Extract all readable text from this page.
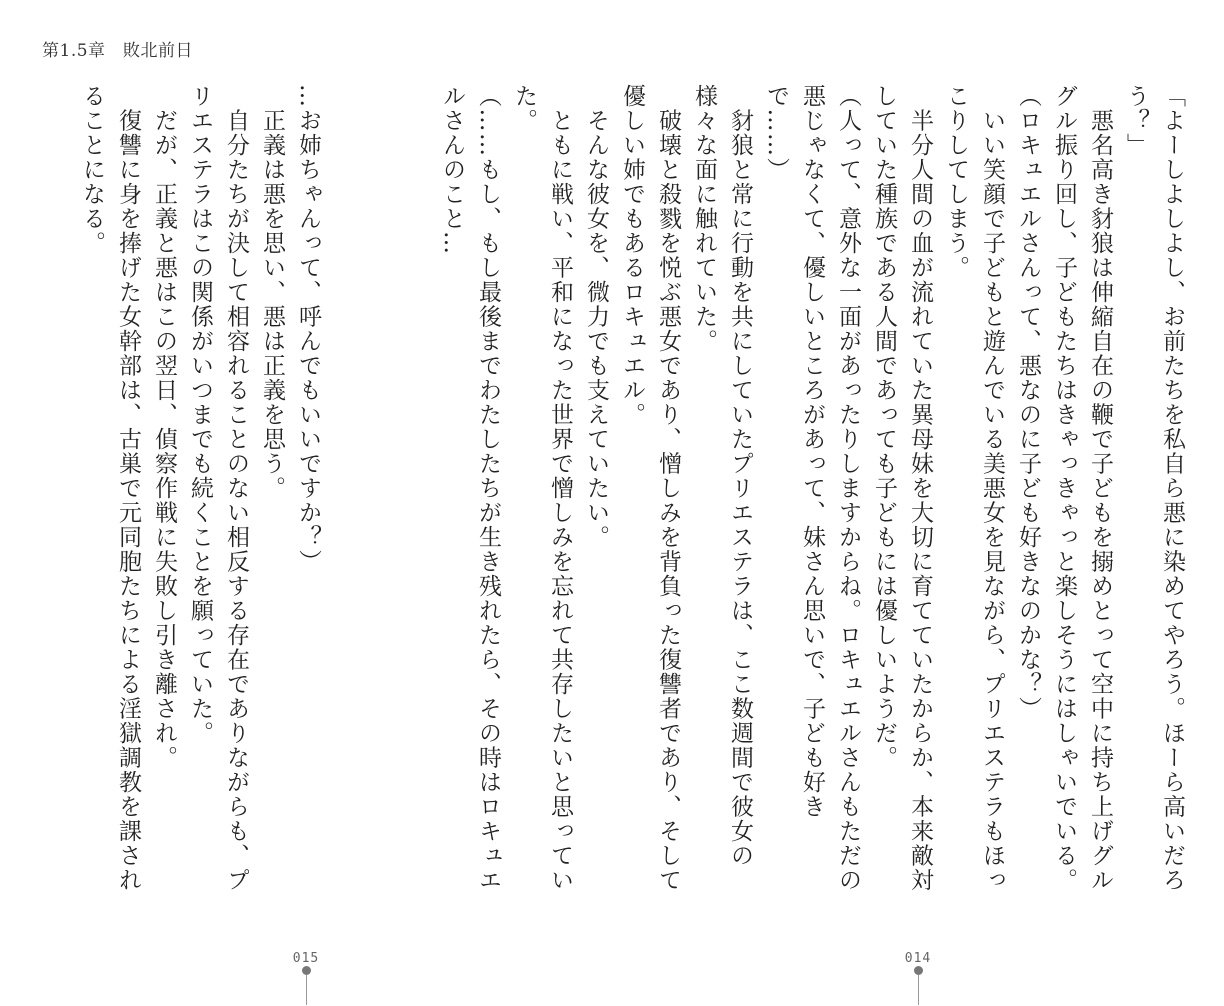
第1.5章　敗北前日

「よーしよしよし、お前たちを私自ら悪に染めてやろう。ほーら高いだろう？」

　悪名高き豺狼は伸縮自在の鞭で子どもを搦めとって空中に持ち上げグルグル振り回し、子どもたちはきゃっきゃっと楽しそうにはしゃいでいる。

（ロキュエルさんって、悪なのに子ども好きなのかな？）

　いい笑顔で子どもと遊んでいる美悪女を見ながら、プリエステラもほっこりしてしまう。

　半分人間の血が流れていた異母妹を大切に育てていたからか、本来敵対していた種族である人間であっても子どもには優しいようだ。

（人って、意外な一面があったりしますからね。ロキュエルさんもただの悪じゃなくて、優しいところがあって、妹さん思いで、子ども好きで……）

　豺狼と常に行動を共にしていたプリエステラは、ここ数週間で彼女の様々な面に触れていた。

　破壊と殺戮を悦ぶ悪女であり、憎しみを背負った復讐者であり、そして優しい姉でもあるロキュエル。

　そんな彼女を、微力でも支えていたい。

　ともに戦い、平和になった世界で憎しみを忘れて共存したいと思っていた。

（……もし、もし最後までわたしたちが生き残れたら、その時はロキュエルさんのこと…

…お姉ちゃんって、呼んでもいいですか？）

　正義は悪を思い、悪は正義を思う。

　自分たちが決して相容れることのない相反する存在でありながらも、プリエステラはこの関係がいつまでも続くことを願っていた。

　だが、正義と悪はこの翌日、偵察作戦に失敗し引き離され。

　復讐に身を捧げた女幹部は、古巣で元同胞たちによる淫獄調教を課されることになる。

015	014
